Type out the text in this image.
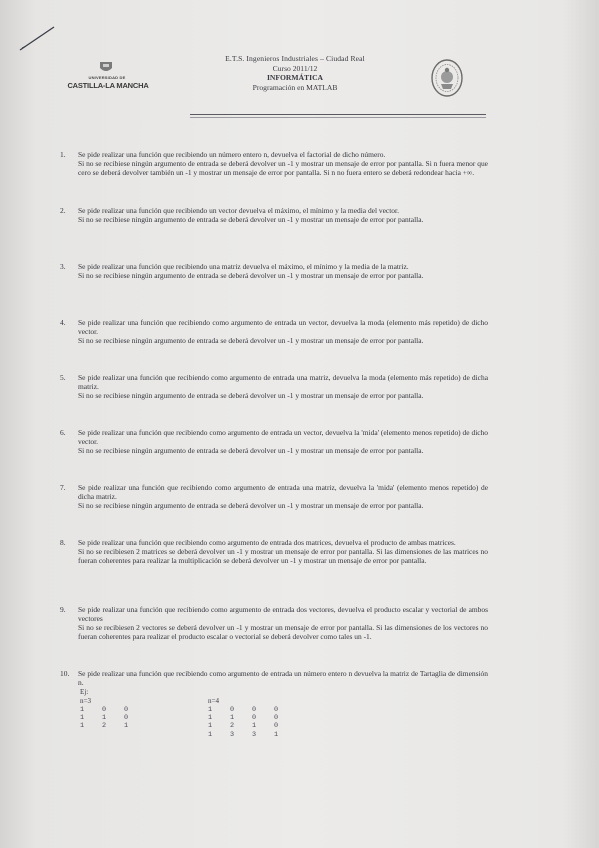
UNIVERSIDAD DE
CASTILLA-LA MANCHA
E.T.S. Ingenieros Industriales – Ciudad Real
Curso 2011/12
INFORMÁTICA
Programación en MATLAB
1.	Se pide realizar una función que recibiendo un número entero n, devuelva el factorial de dicho número.

Si no se recibiese ningún argumento de entrada se deberá devolver un -1 y mostrar un mensaje de error por pantalla. Si n fuera menor que cero se deberá devolver también un -1 y mostrar un mensaje de error por pantalla. Si n no fuera entero se deberá redondear hacia +∞.

2.	Se pide realizar una función que recibiendo un vector devuelva el máximo, el mínimo y la media del vector.

Si no se recibiese ningún argumento de entrada se deberá devolver un -1 y mostrar un mensaje de error por pantalla.

3.	Se pide realizar una función que recibiendo una matriz devuelva el máximo, el mínimo y la media de la matriz.

Si no se recibiese ningún argumento de entrada se deberá devolver un -1 y mostrar un mensaje de error por pantalla.

4.	Se pide realizar una función que recibiendo como argumento de entrada un vector, devuelva la moda (elemento más repetido) de dicho vector.

Si no se recibiese ningún argumento de entrada se deberá devolver un -1 y mostrar un mensaje de error por pantalla.

5.	Se pide realizar una función que recibiendo como argumento de entrada una matriz, devuelva la moda (elemento más repetido) de dicha matriz.

Si no se recibiese ningún argumento de entrada se deberá devolver un -1 y mostrar un mensaje de error por pantalla.

6.	Se pide realizar una función que recibiendo como argumento de entrada un vector, devuelva la 'mida' (elemento menos repetido) de dicho vector.

Si no se recibiese ningún argumento de entrada se deberá devolver un -1 y mostrar un mensaje de error por pantalla.

7.	Se pide realizar una función que recibiendo como argumento de entrada una matriz, devuelva la 'mida' (elemento menos repetido) de dicha matriz.

Si no se recibiese ningún argumento de entrada se deberá devolver un -1 y mostrar un mensaje de error por pantalla.

8.	Se pide realizar una función que recibiendo como argumento de entrada dos matrices, devuelva el producto de ambas matrices.

Si no se recibiesen 2 matrices se deberá devolver un -1 y mostrar un mensaje de error por pantalla. Si las dimensiones de las matrices no fueran coherentes para realizar la multiplicación se deberá devolver un -1 y mostrar un mensaje de error por pantalla.

9.	Se pide realizar una función que recibiendo como argumento de entrada dos vectores, devuelva el producto escalar y vectorial de ambos vectores

Si no se recibiesen 2 vectores se deberá devolver un -1 y mostrar un mensaje de error por pantalla. Si las dimensiones de los vectores no fueran coherentes para realizar el producto escalar o vectorial se deberá devolver como tales un -1.

10.	Se pide realizar una función que recibiendo como argumento de entrada un número entero n devuelva la matriz de Tartaglia de dimensión n.

Ej:
n=3
1	0	0
1	1	0
1	2	1
n=4
1	0	0	0
1	1	0	0
1	2	1	0
1	3	3	1
